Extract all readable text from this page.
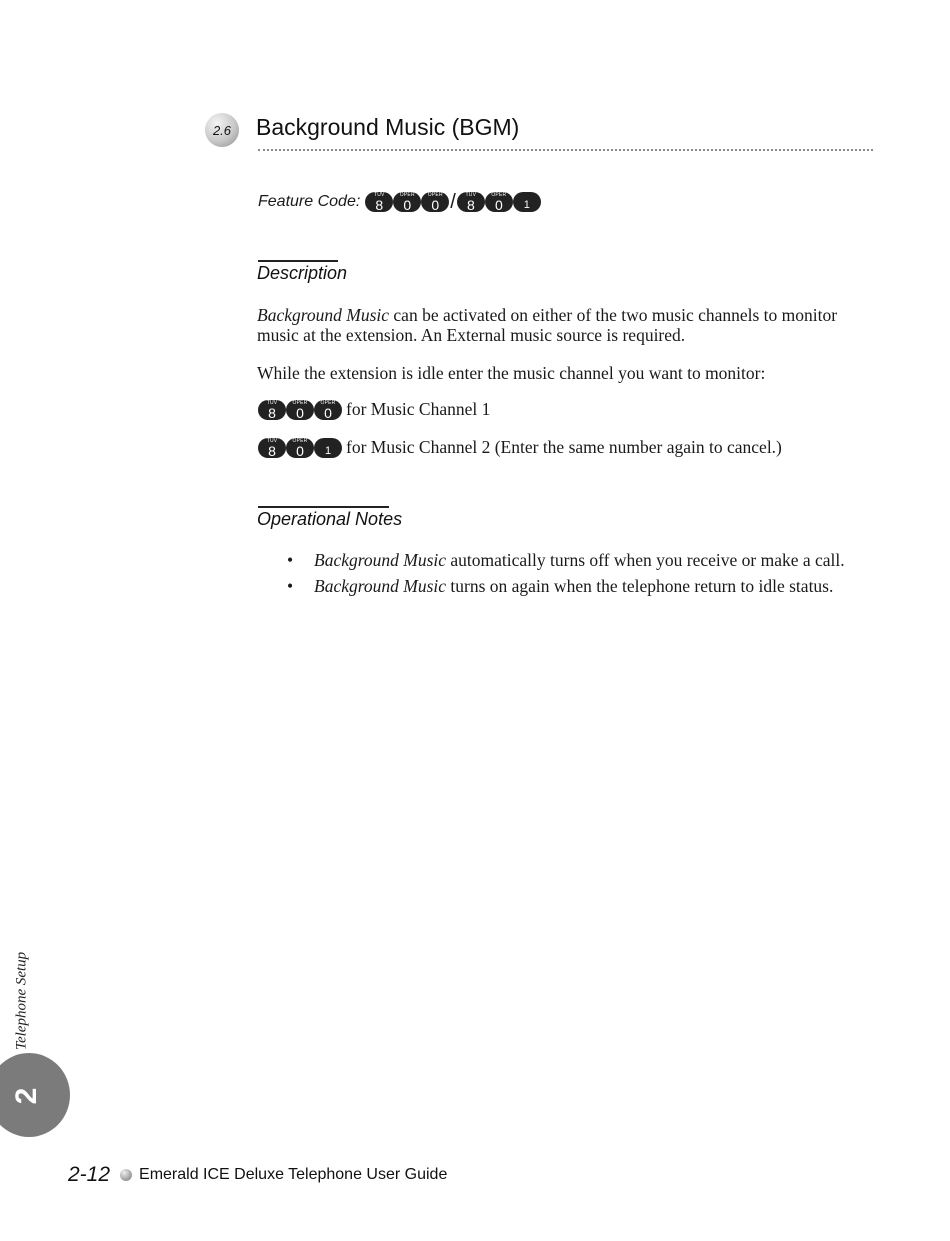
2.6	Background Music (BGM)
Feature Code:	TUV
8
OPER
0
OPER
0 /	TUV
8
OPER
0	1
Description
Background Music can be activated on either of the two music channels to monitor music at the extension. An External music source is required.
While the extension is idle enter the music channel you want to monitor:
TUV
8
OPER
0
OPER
0 for Music Channel 1
TUV
8
OPER
0	1 for Music Channel 2 (Enter the same number again to cancel.)
Operational Notes
•	Background Music automatically turns off when you receive or make a call.
•	Background Music turns on again when the telephone return to idle status.
Telephone Setup
2
2-12 Emerald ICE Deluxe Telephone User Guide
